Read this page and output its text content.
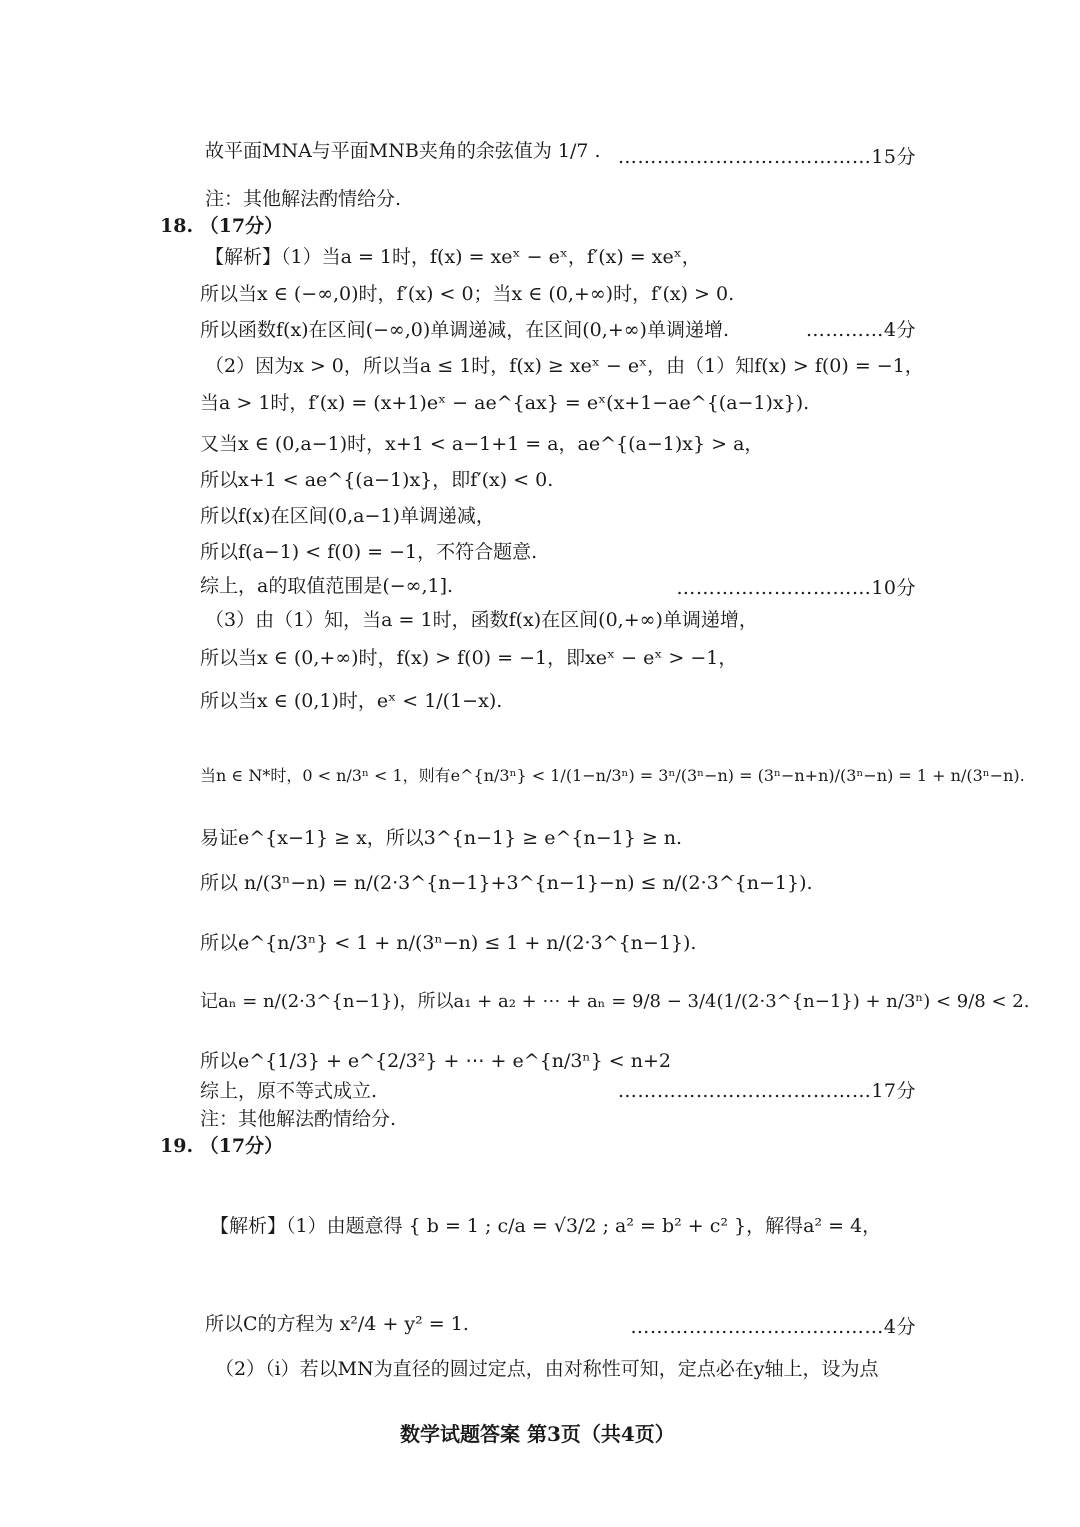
故平面MNA与平面MNB夹角的余弦值为 1/7 . …………………………………15分
注：其他解法酌情给分.
18. （17分）
【解析】（1）当a = 1时，f(x) = xeˣ − eˣ，f′(x) = xeˣ，
所以当x ∈ (−∞,0)时，f′(x) < 0；当x ∈ (0,+∞)时，f′(x) > 0.
所以函数f(x)在区间(−∞,0)单调递减，在区间(0,+∞)单调递增.	…………4分
（2）因为x > 0，所以当a ≤ 1时，f(x) ≥ xeˣ − eˣ，由（1）知f(x) > f(0) = −1，
当a > 1时，f′(x) = (x+1)eˣ − ae^{ax} = eˣ(x+1−ae^{(a−1)x}).
又当x ∈ (0,a−1)时，x+1 < a−1+1 = a，ae^{(a−1)x} > a，
所以x+1 < ae^{(a−1)x}，即f′(x) < 0.
所以f(x)在区间(0,a−1)单调递减，
所以f(a−1) < f(0) = −1，不符合题意.
综上，a的取值范围是(−∞,1].	…………………………10分
（3）由（1）知，当a = 1时，函数f(x)在区间(0,+∞)单调递增，
所以当x ∈ (0,+∞)时，f(x) > f(0) = −1，即xeˣ − eˣ > −1，
所以当x ∈ (0,1)时，eˣ < 1/(1−x).
当n ∈ N*时，0 < n/3ⁿ < 1，则有e^{n/3ⁿ} < 1/(1−n/3ⁿ) = 3ⁿ/(3ⁿ−n) = (3ⁿ−n+n)/(3ⁿ−n) = 1 + n/(3ⁿ−n).
易证e^{x−1} ≥ x，所以3^{n−1} ≥ e^{n−1} ≥ n.
所以 n/(3ⁿ−n) = n/(2·3^{n−1}+3^{n−1}−n) ≤ n/(2·3^{n−1}).
所以e^{n/3ⁿ} < 1 + n/(3ⁿ−n) ≤ 1 + n/(2·3^{n−1}).
记aₙ = n/(2·3^{n−1})，所以a₁ + a₂ + ⋯ + aₙ = 9/8 − 3/4(1/(2·3^{n−1}) + n/3ⁿ) < 9/8 < 2.
所以e^{1/3} + e^{2/3²} + ⋯ + e^{n/3ⁿ} < n+2
综上，原不等式成立.	…………………………………17分
注：其他解法酌情给分.
19. （17分）
【解析】（1）由题意得 { b = 1 ; c/a = √3/2 ; a² = b² + c² }，解得a² = 4，
所以C的方程为 x²/4 + y² = 1.	…………………………………4分
（2）（i）若以MN为直径的圆过定点，由对称性可知，定点必在y轴上，设为点
数学试题答案 第3页（共4页）
